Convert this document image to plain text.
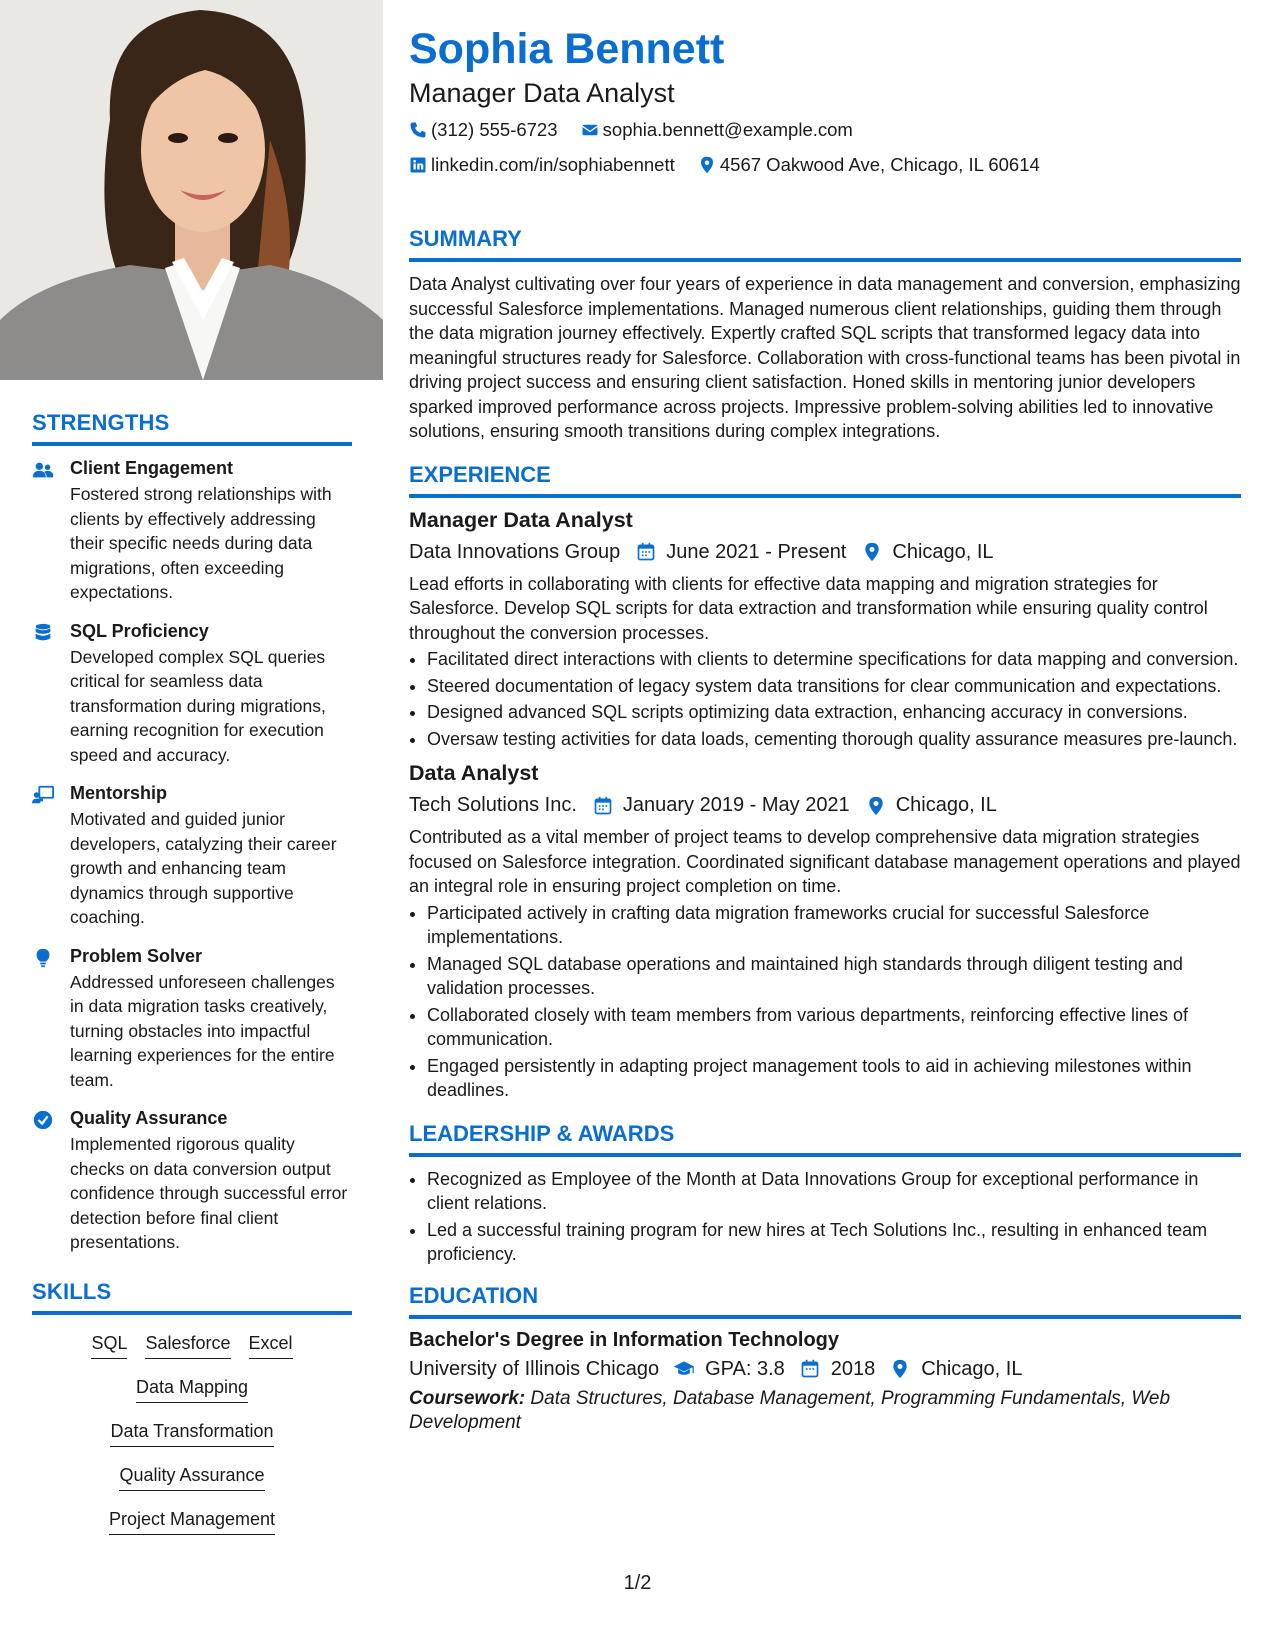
STRENGTHS
Client Engagement
Fostered strong relationships with clients by effectively addressing their specific needs during data migrations, often exceeding expectations.
SQL Proficiency
Developed complex SQL queries critical for seamless data transformation during migrations, earning recognition for execution speed and accuracy.
Mentorship
Motivated and guided junior developers, catalyzing their career growth and enhancing team dynamics through supportive coaching.
Problem Solver
Addressed unforeseen challenges in data migration tasks creatively, turning obstacles into impactful learning experiences for the entire team.
Quality Assurance
Implemented rigorous quality checks on data conversion output confidence through successful error detection before final client presentations.
SKILLS
SQL Salesforce Excel
Data Mapping
Data Transformation
Quality Assurance
Project Management
Sophia Bennett
Manager Data Analyst
(312) 555-6723
sophia.bennett@example.com
linkedin.com/in/sophiabennett
4567 Oakwood Ave, Chicago, IL 60614
SUMMARY
Data Analyst cultivating over four years of experience in data management and conversion, emphasizing successful Salesforce implementations. Managed numerous client relationships, guiding them through the data migration journey effectively. Expertly crafted SQL scripts that transformed legacy data into meaningful structures ready for Salesforce. Collaboration with cross-functional teams has been pivotal in driving project success and ensuring client satisfaction. Honed skills in mentoring junior developers sparked improved performance across projects. Impressive problem-solving abilities led to innovative solutions, ensuring smooth transitions during complex integrations.
EXPERIENCE
Manager Data Analyst
Data Innovations Group June 2021 - Present Chicago, IL
Lead efforts in collaborating with clients for effective data mapping and migration strategies for Salesforce. Develop SQL scripts for data extraction and transformation while ensuring quality control throughout the conversion processes.
• Facilitated direct interactions with clients to determine specifications for data mapping and conversion.
• Steered documentation of legacy system data transitions for clear communication and expectations.
• Designed advanced SQL scripts optimizing data extraction, enhancing accuracy in conversions.
• Oversaw testing activities for data loads, cementing thorough quality assurance measures pre-launch.
Data Analyst
Tech Solutions Inc. January 2019 - May 2021 Chicago, IL
Contributed as a vital member of project teams to develop comprehensive data migration strategies focused on Salesforce integration. Coordinated significant database management operations and played an integral role in ensuring project completion on time.
• Participated actively in crafting data migration frameworks crucial for successful Salesforce implementations.
• Managed SQL database operations and maintained high standards through diligent testing and validation processes.
• Collaborated closely with team members from various departments, reinforcing effective lines of communication.
• Engaged persistently in adapting project management tools to aid in achieving milestones within deadlines.
LEADERSHIP & AWARDS
• Recognized as Employee of the Month at Data Innovations Group for exceptional performance in client relations.
• Led a successful training program for new hires at Tech Solutions Inc., resulting in enhanced team proficiency.
EDUCATION
Bachelor's Degree in Information Technology
University of Illinois Chicago GPA: 3.8 2018 Chicago, IL
Coursework: Data Structures, Database Management, Programming Fundamentals, Web Development
1/2
